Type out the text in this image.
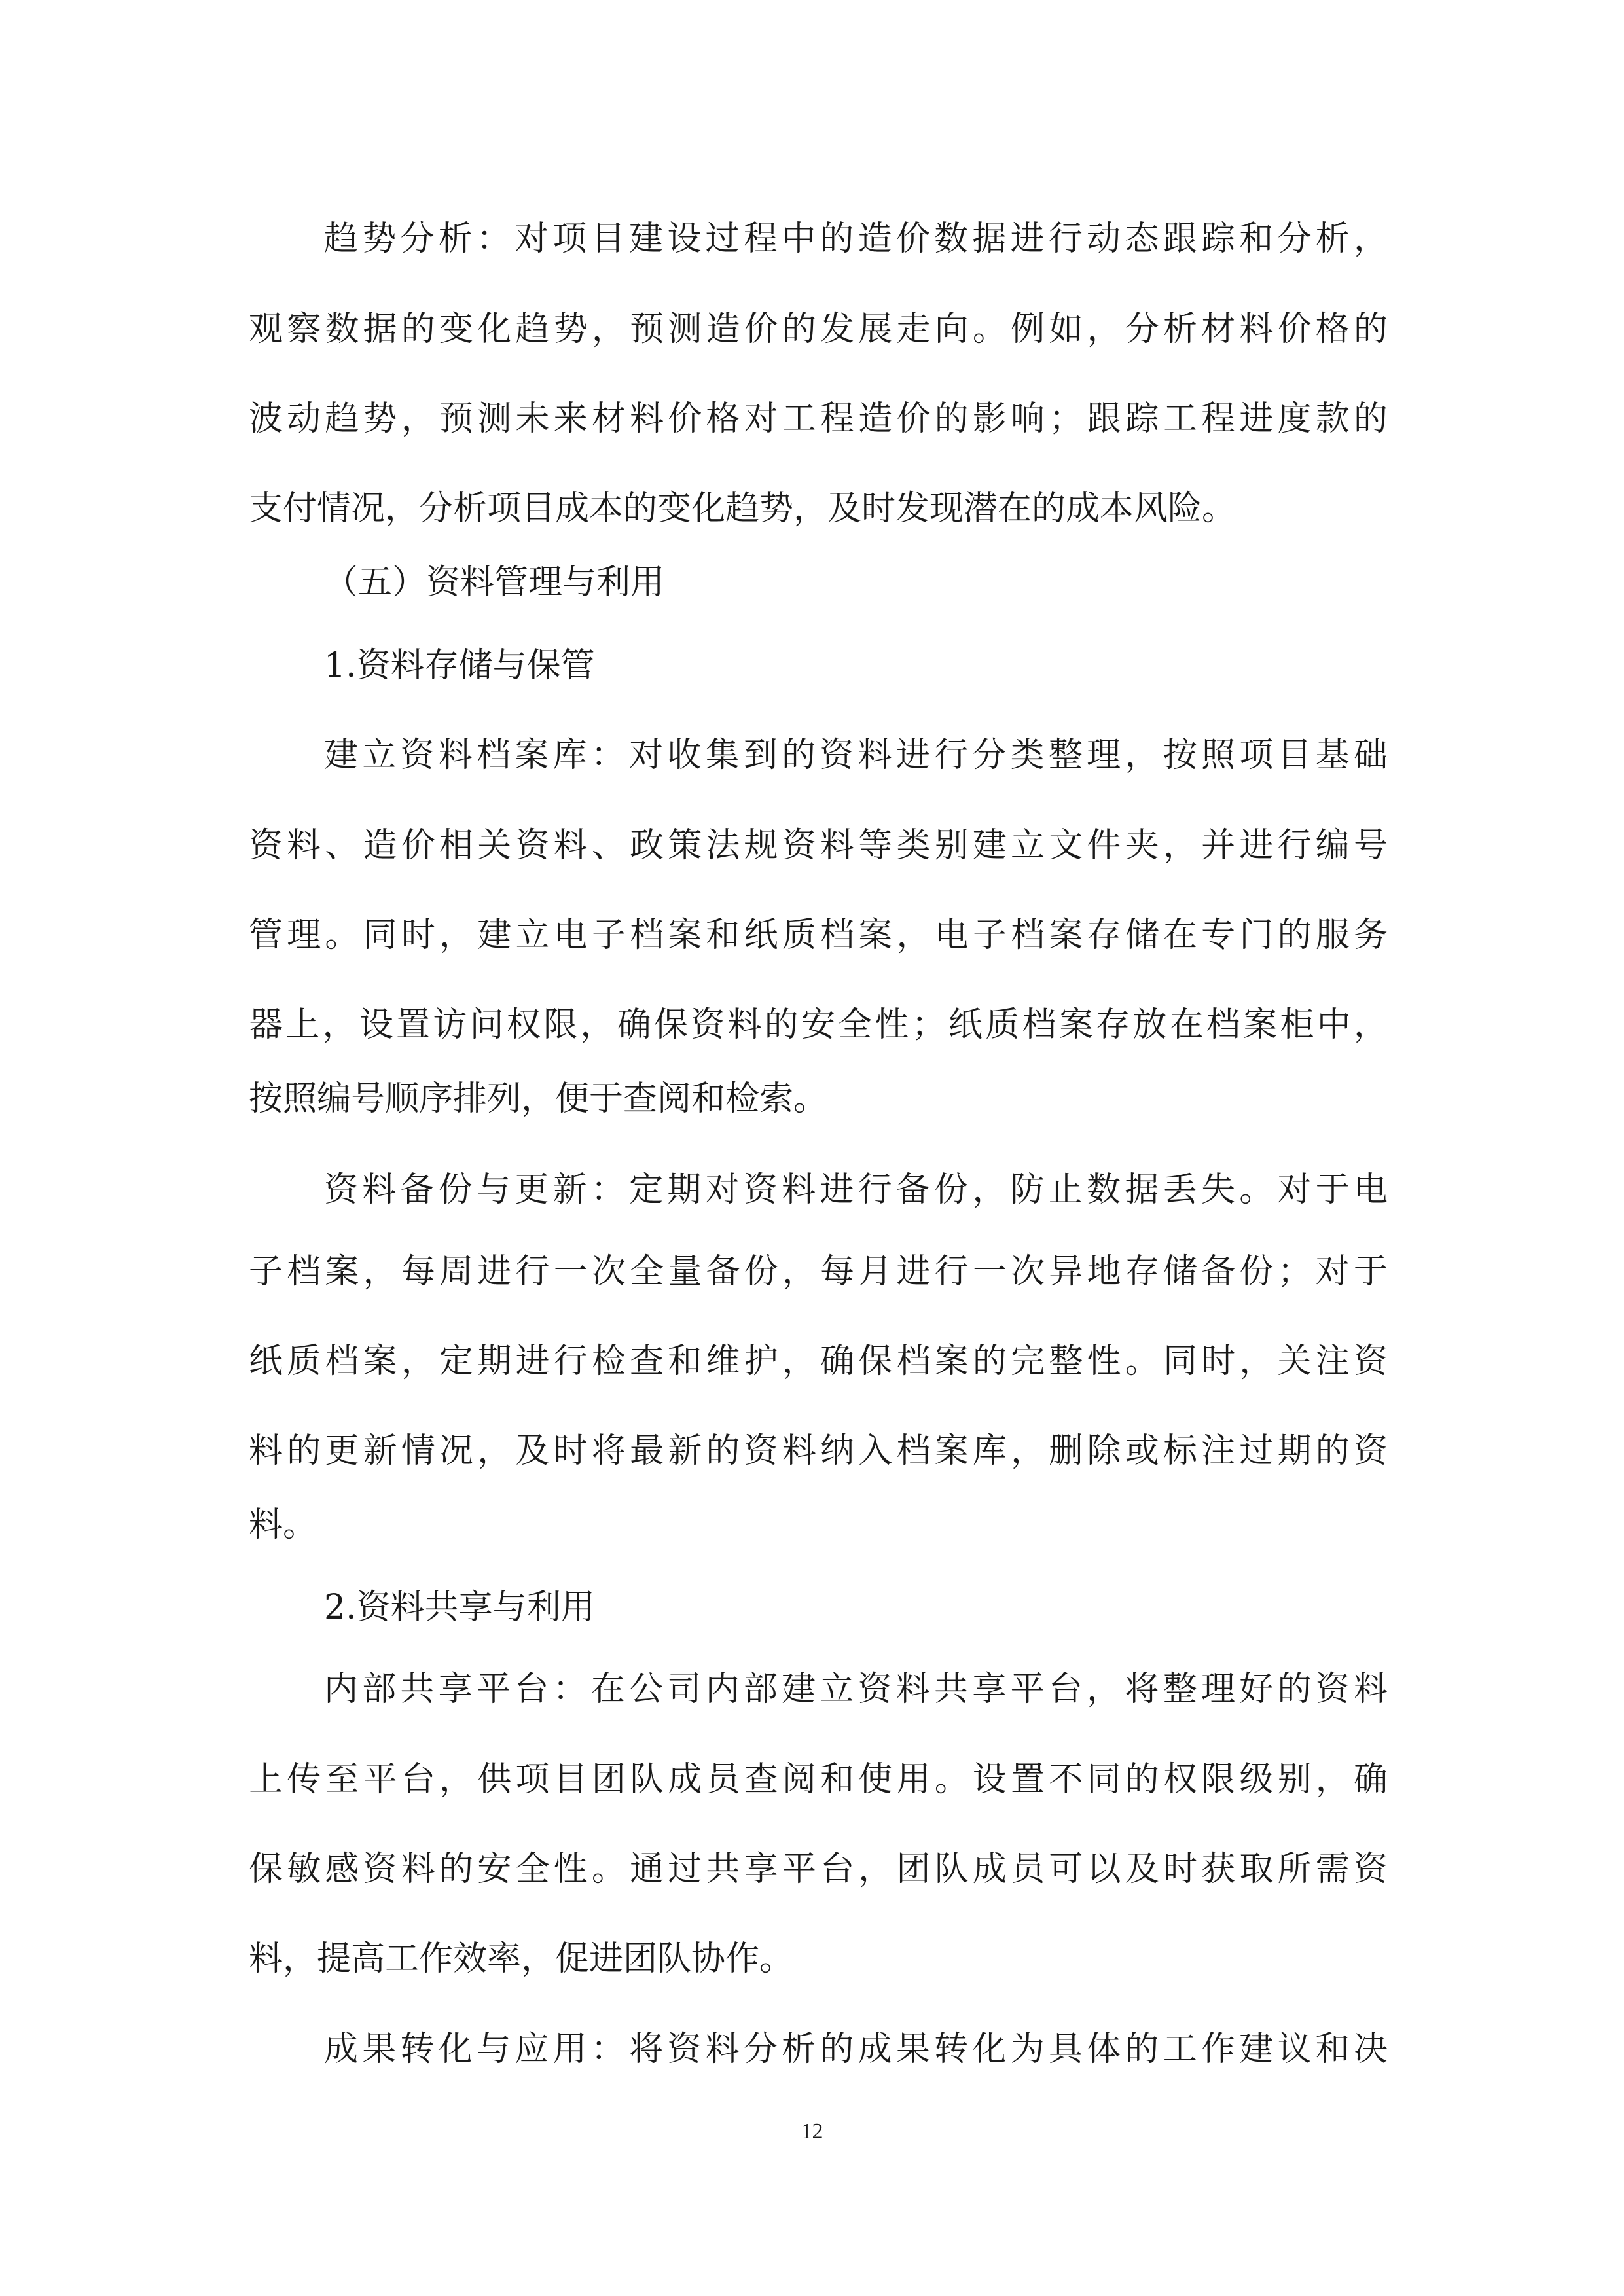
趋势分析：对项目建设过程中的造价数据进行动态跟踪和分析，
观察数据的变化趋势，预测造价的发展走向。例如，分析材料价格的
波动趋势，预测未来材料价格对工程造价的影响；跟踪工程进度款的
支付情况，分析项目成本的变化趋势，及时发现潜在的成本风险。
（五）资料管理与利用
1.资料存储与保管
建立资料档案库：对收集到的资料进行分类整理，按照项目基础
资料、造价相关资料、政策法规资料等类别建立文件夹，并进行编号
管理。同时，建立电子档案和纸质档案，电子档案存储在专门的服务
器上，设置访问权限，确保资料的安全性；纸质档案存放在档案柜中，
按照编号顺序排列，便于查阅和检索。
资料备份与更新：定期对资料进行备份，防止数据丢失。对于电
子档案，每周进行一次全量备份，每月进行一次异地存储备份；对于
纸质档案，定期进行检查和维护，确保档案的完整性。同时，关注资
料的更新情况，及时将最新的资料纳入档案库，删除或标注过期的资
料。
2.资料共享与利用
内部共享平台：在公司内部建立资料共享平台，将整理好的资料
上传至平台，供项目团队成员查阅和使用。设置不同的权限级别，确
保敏感资料的安全性。通过共享平台，团队成员可以及时获取所需资
料，提高工作效率，促进团队协作。
成果转化与应用：将资料分析的成果转化为具体的工作建议和决
12
